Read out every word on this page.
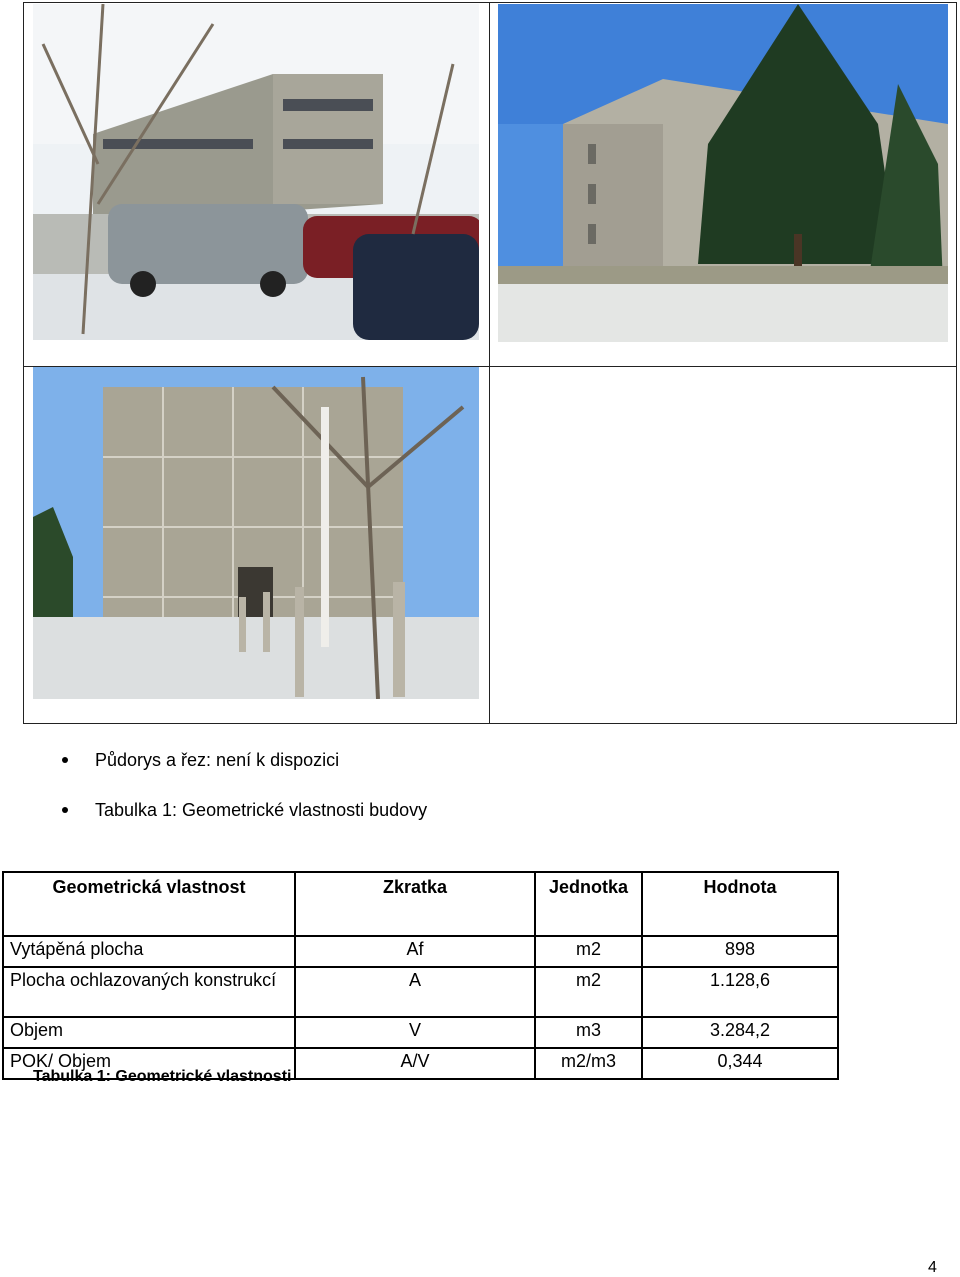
Půdorys a řez: není k dispozici
Tabulka 1: Geometrické vlastnosti budovy
Geometrická vlastnost	Zkratka	Jednotka	Hodnota
Vytápěná plocha	Af	m2	898
Plocha ochlazovaných konstrukcí	A	m2	1.128,6
Objem	V	m3	3.284,2
POK/ Objem	A/V	m2/m3	0,344
Tabulka 1: Geometrické vlastnosti
4
